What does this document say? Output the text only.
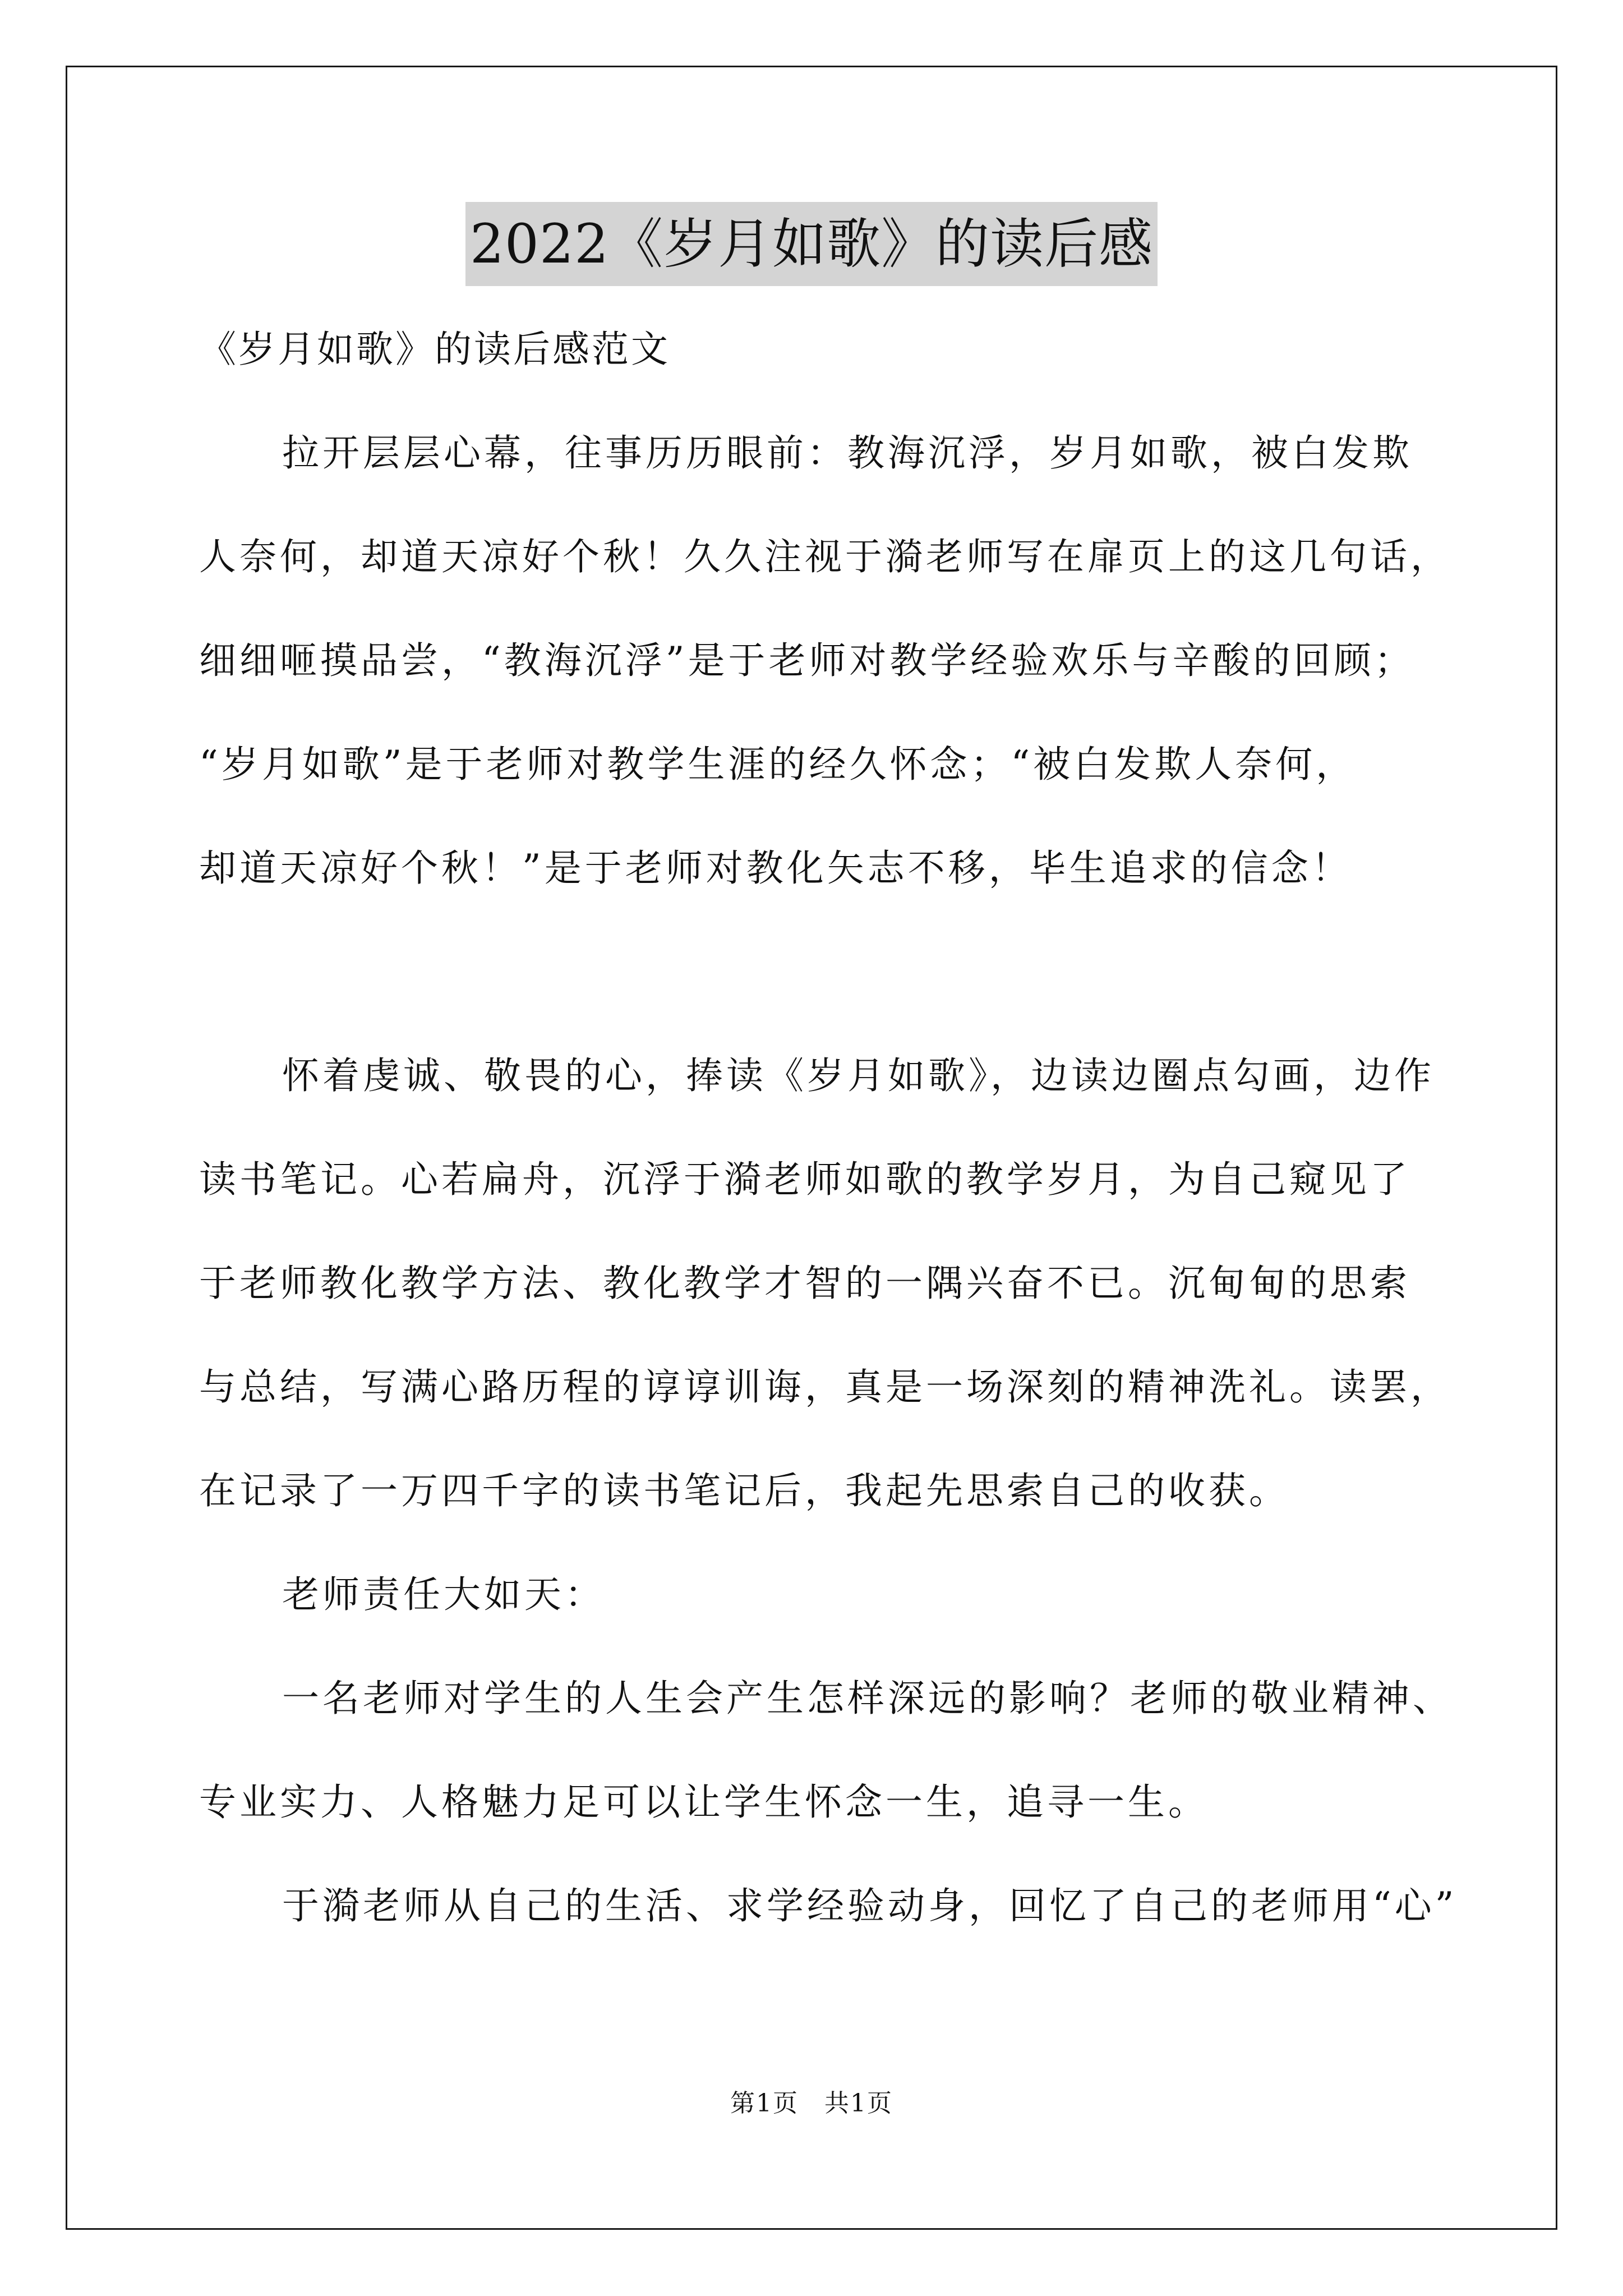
2022《岁月如歌》的读后感

《岁月如歌》的读后感范文

拉开层层心幕，往事历历眼前：教海沉浮，岁月如歌，被白发欺
人奈何，却道天凉好个秋！久久注视于漪老师写在扉页上的这几句话，
细细咂摸品尝，“教海沉浮”是于老师对教学经验欢乐与辛酸的回顾；
“岁月如歌”是于老师对教学生涯的经久怀念；“被白发欺人奈何，
却道天凉好个秋！”是于老师对教化矢志不移，毕生追求的信念！
怀着虔诚、敬畏的心，捧读《岁月如歌》，边读边圈点勾画，边作
读书笔记。心若扁舟，沉浮于漪老师如歌的教学岁月，为自己窥见了
于老师教化教学方法、教化教学才智的一隅兴奋不已。沉甸甸的思索
与总结，写满心路历程的谆谆训诲，真是一场深刻的精神洗礼。读罢，
在记录了一万四千字的读书笔记后，我起先思索自己的收获。
老师责任大如天：
一名老师对学生的人生会产生怎样深远的影响？老师的敬业精神、
专业实力、人格魅力足可以让学生怀念一生，追寻一生。
于漪老师从自己的生活、求学经验动身，回忆了自己的老师用“心”
第1页　共1页
